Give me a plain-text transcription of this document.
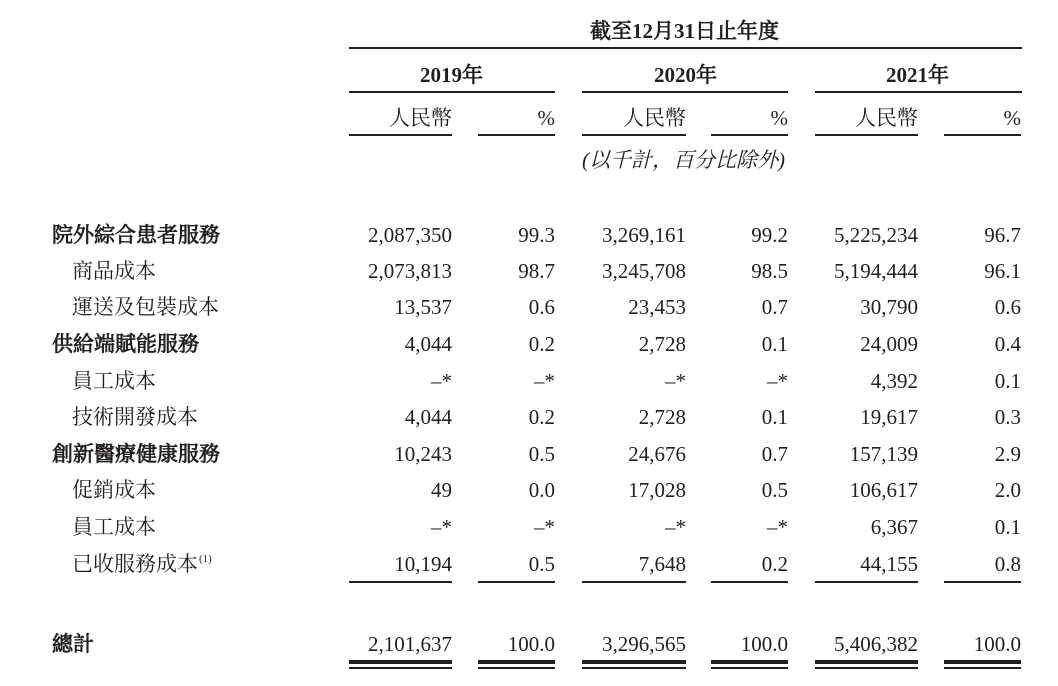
截至12月31日止年度
2019年	2020年	2021年
(以千計，百分比除外)
人民幣	%	人民幣	%	人民幣	%
院外綜合患者服務	2,087,350	99.3	3,269,161	99.2	5,225,234	96.7
商品成本	2,073,813	98.7	3,245,708	98.5	5,194,444	96.1
運送及包裝成本	13,537	0.6	23,453	0.7	30,790	0.6
供給端賦能服務	4,044	0.2	2,728	0.1	24,009	0.4
員工成本	–*	–*	–*	–*	4,392	0.1
技術開發成本	4,044	0.2	2,728	0.1	19,617	0.3
創新醫療健康服務	10,243	0.5	24,676	0.7	157,139	2.9
促銷成本	49	0.0	17,028	0.5	106,617	2.0
員工成本	–*	–*	–*	–*	6,367	0.1
已收服務成本$^{(1)}$	10,194	0.5	7,648	0.2	44,155	0.8
總計	2,101,637	100.0	3,296,565	100.0	5,406,382	100.0
